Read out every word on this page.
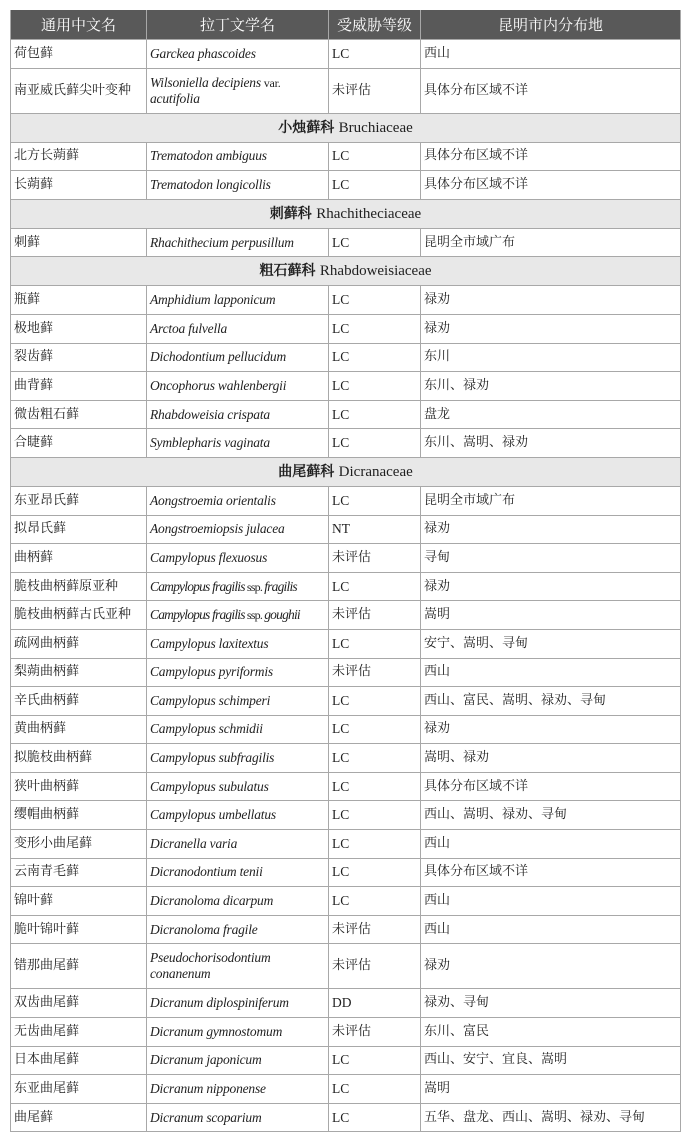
通用中文名	拉丁文学名	受威胁等级	昆明市内分布地
荷包藓	Garckea phascoides	LC	西山
南亚威氏藓尖叶变种	Wilsoniella decipiens var. acutifolia	未评估	具体分布区域不详
小烛藓科 Bruchiaceae			
北方长蒴藓	Trematodon ambiguus	LC	具体分布区域不详
长蒴藓	Trematodon longicollis	LC	具体分布区域不详
刺藓科 Rhachitheciaceae			
刺藓	Rhachithecium perpusillum	LC	昆明全市域广布
粗石藓科 Rhabdoweisiaceae			
瓶藓	Amphidium lapponicum	LC	禄劝
极地藓	Arctoa fulvella	LC	禄劝
裂齿藓	Dichodontium pellucidum	LC	东川
曲背藓	Oncophorus wahlenbergii	LC	东川、禄劝
微齿粗石藓	Rhabdoweisia crispata	LC	盘龙
合睫藓	Symblepharis vaginata	LC	东川、嵩明、禄劝
曲尾藓科 Dicranaceae			
东亚昂氏藓	Aongstroemia orientalis	LC	昆明全市域广布
拟昂氏藓	Aongstroemiopsis julacea	NT	禄劝
曲柄藓	Campylopus flexuosus	未评估	寻甸
脆枝曲柄藓原亚种	Campylopus fragilis ssp. fragilis	LC	禄劝
脆枝曲柄藓古氏亚种	Campylopus fragilis ssp. goughii	未评估	嵩明
疏网曲柄藓	Campylopus laxitextus	LC	安宁、嵩明、寻甸
梨蒴曲柄藓	Campylopus pyriformis	未评估	西山
辛氏曲柄藓	Campylopus schimperi	LC	西山、富民、嵩明、禄劝、寻甸
黄曲柄藓	Campylopus schmidii	LC	禄劝
拟脆枝曲柄藓	Campylopus subfragilis	LC	嵩明、禄劝
狭叶曲柄藓	Campylopus subulatus	LC	具体分布区域不详
缨帽曲柄藓	Campylopus umbellatus	LC	西山、嵩明、禄劝、寻甸
变形小曲尾藓	Dicranella varia	LC	西山
云南青毛藓	Dicranodontium tenii	LC	具体分布区域不详
锦叶藓	Dicranoloma dicarpum	LC	西山
脆叶锦叶藓	Dicranoloma fragile	未评估	西山
错那曲尾藓	Pseudochorisodontium conanenum	未评估	禄劝
双齿曲尾藓	Dicranum diplospiniferum	DD	禄劝、寻甸
无齿曲尾藓	Dicranum gymnostomum	未评估	东川、富民
日本曲尾藓	Dicranum japonicum	LC	西山、安宁、宜良、嵩明
东亚曲尾藓	Dicranum nipponense	LC	嵩明
曲尾藓	Dicranum scoparium	LC	五华、盘龙、西山、嵩明、禄劝、寻甸
